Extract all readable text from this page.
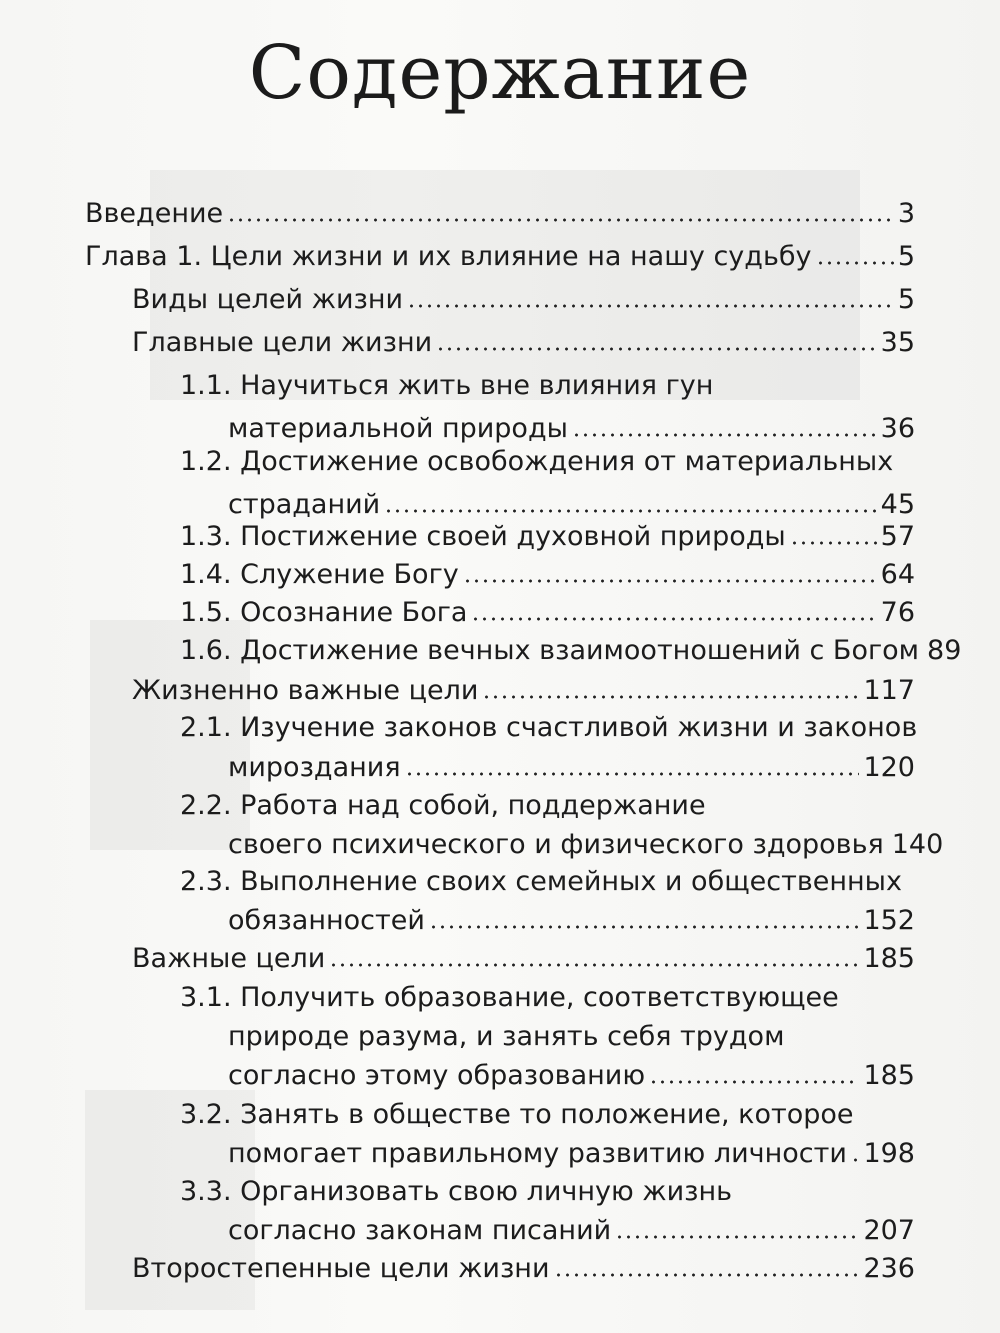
Содержание
Введение	3
Глава 1. Цели жизни и их влияние на нашу судьбу	5
Виды целей жизни	5
Главные цели жизни	35
1.1. Научиться жить вне влияния гун
материальной природы	36
1.2. Достижение освобождения от материальных
страданий	45
1.3. Постижение своей духовной природы	57
1.4. Служение Богу	64
1.5. Осознание Бога	76
1.6. Достижение вечных взаимоотношений с Богом 89
Жизненно важные цели	117
2.1. Изучение законов счастливой жизни и законов
мироздания	120
2.2. Работа над собой, поддержание
своего психического и физического здоровья 140
2.3. Выполнение своих семейных и общественных
обязанностей	152
Важные цели	185
3.1. Получить образование, соответствующее
природе разума, и занять себя трудом
согласно этому образованию	185
3.2. Занять в обществе то положение, которое
помогает правильному развитию личности 198
3.3. Организовать свою личную жизнь
согласно законам писаний	207
Второстепенные цели жизни	236
